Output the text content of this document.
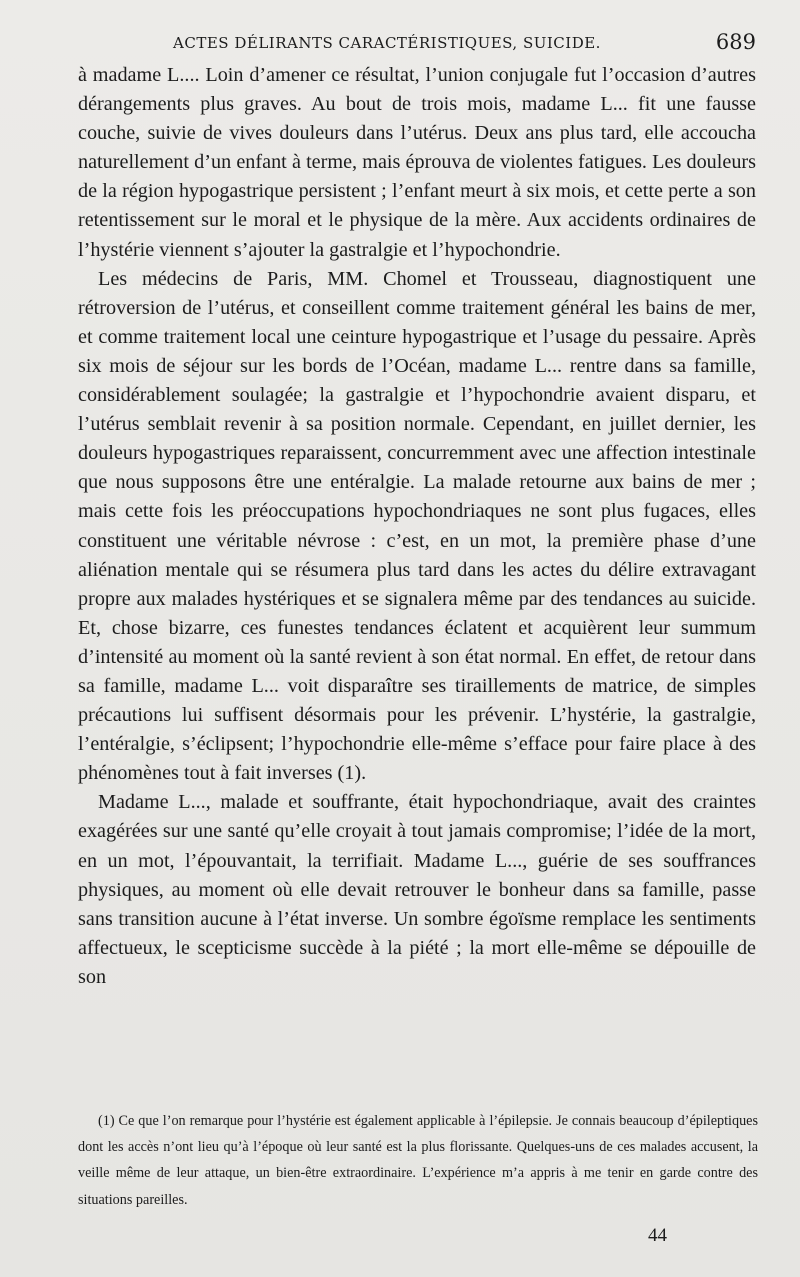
ACTES DÉLIRANTS CARACTÉRISTIQUES, SUICIDE.	689

à madame L.... Loin d’amener ce résultat, l’union conjugale fut l’occasion d’autres dérangements plus graves. Au bout de trois mois, madame L... fit une fausse couche, suivie de vives douleurs dans l’utérus. Deux ans plus tard, elle accoucha naturellement d’un enfant à terme, mais éprouva de violentes fatigues. Les douleurs de la région hypogastrique persistent ; l’enfant meurt à six mois, et cette perte a son retentissement sur le moral et le physique de la mère. Aux accidents ordinaires de l’hystérie viennent s’ajouter la gastralgie et l’hypochondrie.

Les médecins de Paris, MM. Chomel et Trousseau, diagnostiquent une rétroversion de l’utérus, et conseillent comme traitement général les bains de mer, et comme traitement local une ceinture hypogastrique et l’usage du pessaire. Après six mois de séjour sur les bords de l’Océan, madame L... rentre dans sa famille, considérablement soulagée; la gastralgie et l’hypochondrie avaient disparu, et l’utérus semblait revenir à sa position normale. Cependant, en juillet dernier, les douleurs hypogastriques reparaissent, concurremment avec une affection intestinale que nous supposons être une entéralgie. La malade retourne aux bains de mer ; mais cette fois les préoccupations hypochondriaques ne sont plus fugaces, elles constituent une véritable névrose : c’est, en un mot, la première phase d’une aliénation mentale qui se résumera plus tard dans les actes du délire extravagant propre aux malades hystériques et se signalera même par des tendances au suicide. Et, chose bizarre, ces funestes tendances éclatent et acquièrent leur summum d’intensité au moment où la santé revient à son état normal. En effet, de retour dans sa famille, madame L... voit disparaître ses tiraillements de matrice, de simples précautions lui suffisent désormais pour les prévenir. L’hystérie, la gastralgie, l’entéralgie, s’éclipsent; l’hypochondrie elle-même s’efface pour faire place à des phénomènes tout à fait inverses (1).

Madame L..., malade et souffrante, était hypochondriaque, avait des craintes exagérées sur une santé qu’elle croyait à tout jamais compromise; l’idée de la mort, en un mot, l’épouvantait, la terrifiait. Madame L..., guérie de ses souffrances physiques, au moment où elle devait retrouver le bonheur dans sa famille, passe sans transition aucune à l’état inverse. Un sombre égoïsme remplace les sentiments affectueux, le scepticisme succède à la piété ; la mort elle-même se dépouille de son

(1) Ce que l’on remarque pour l’hystérie est également applicable à l’épilepsie. Je connais beaucoup d’épileptiques dont les accès n’ont lieu qu’à l’époque où leur santé est la plus florissante. Quelques-uns de ces malades accusent, la veille même de leur attaque, un bien-être extraordinaire. L’expérience m’a appris à me tenir en garde contre des situations pareilles.
44
